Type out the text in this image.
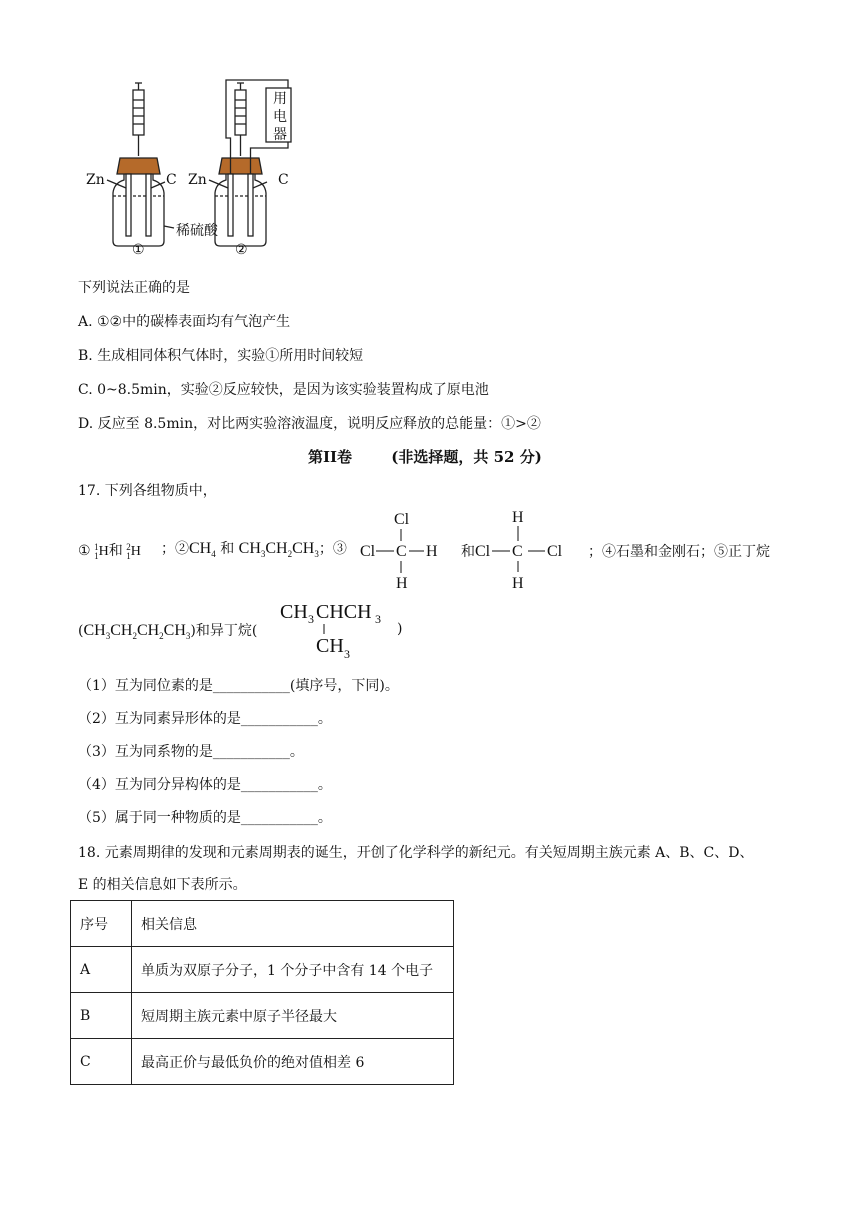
Zn	C
稀硫酸
①
Zn	C
②
用
电
器
下列说法正确的是
A. ①②中的碳棒表面均有气泡产生
B. 生成相同体积气体时，实验①所用时间较短
C. 0~8.5min，实验②反应较快，是因为该实验装置构成了原电池
D. 反应至 8.5min，对比两实验溶液温度，说明反应释放的总能量：①>②
第II卷	(非选择题，共 52 分)
17. 下列各组物质中，
① 1
1H和 2
1H ；$②CH_4$ 和 $CH_3CH_2CH_3$；③
Cl
Cl C H
H
和
H
Cl C Cl
H
；④石墨和金刚石；⑤正丁烷
$(CH_3CH_2CH_2CH_3)$和异丁烷(
CH 3 CHCH 3
CH 3
)
（1）互为同位素的是___________(填序号，下同)。
（2）互为同素异形体的是___________。
（3）互为同系物的是___________。
（4）互为同分异构体的是___________。
（5）属于同一种物质的是___________。
18. 元素周期律的发现和元素周期表的诞生，开创了化学科学的新纪元。有关短周期主族元素 A、B、C、D、
E 的相关信息如下表所示。
序号	相关信息
A	单质为双原子分子，1 个分子中含有 14 个电子
B	短周期主族元素中原子半径最大
C	最高正价与最低负价的绝对值相差 6
